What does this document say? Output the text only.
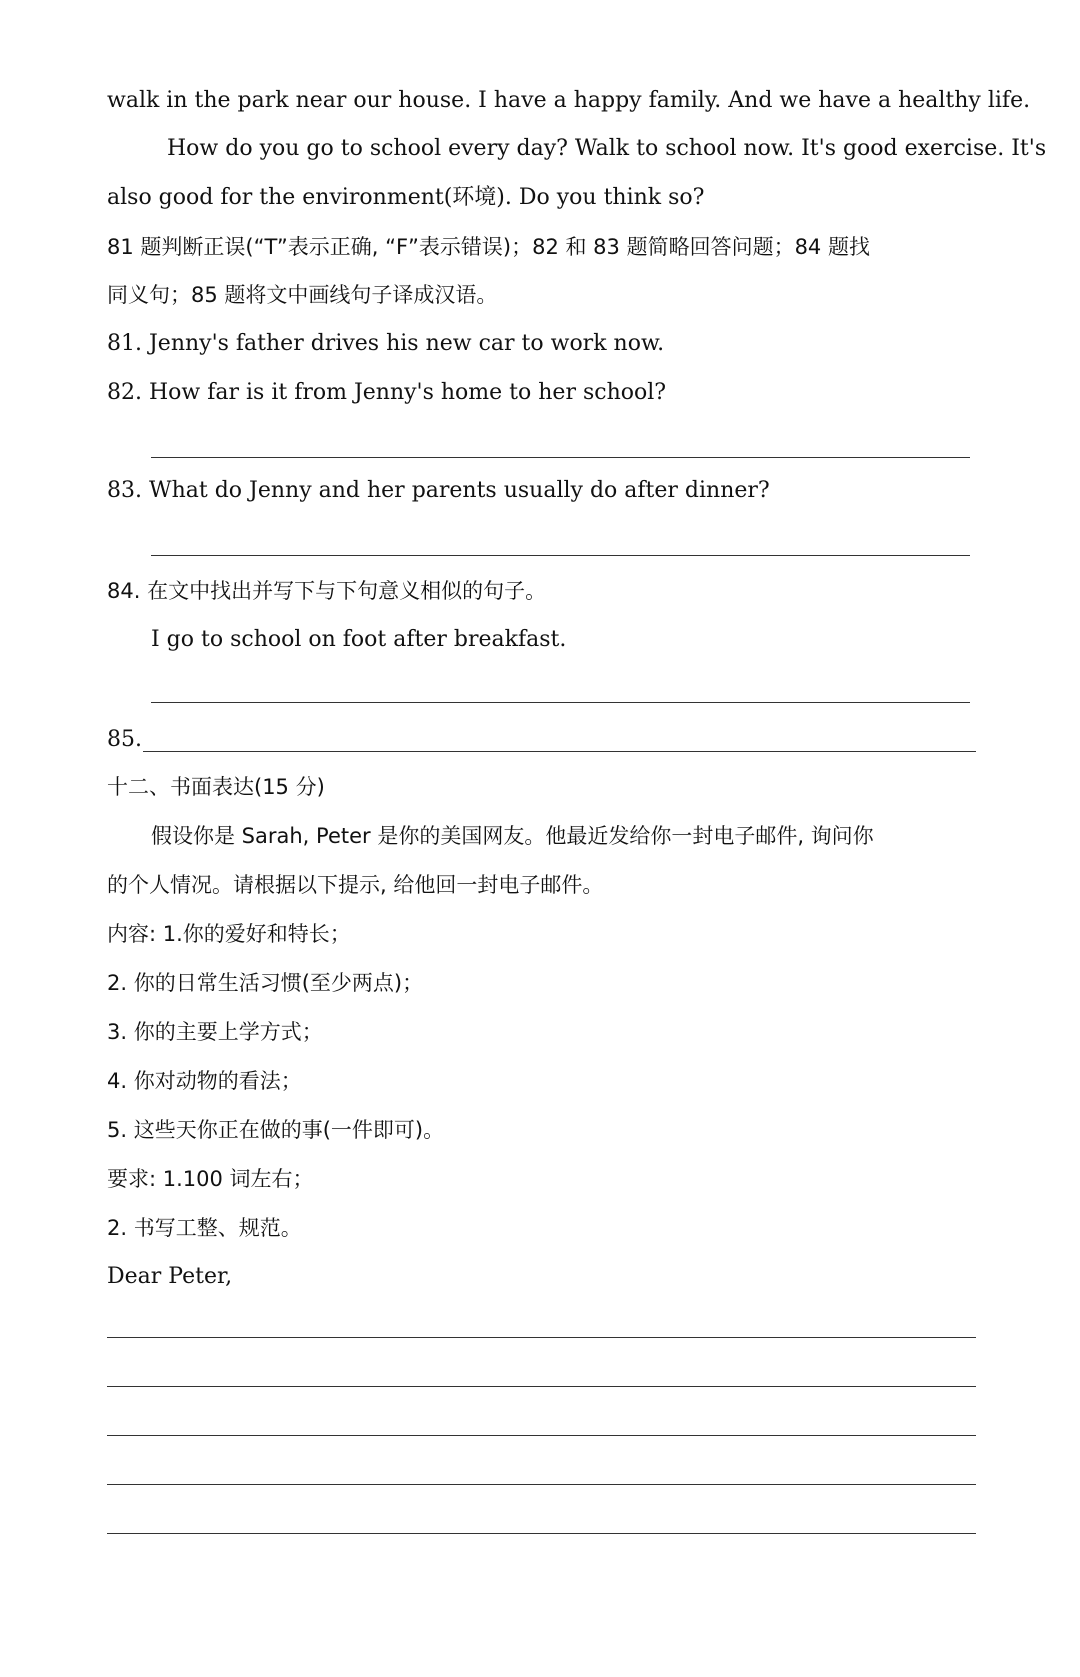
walk in the park near our house. I have a happy family. And we have a healthy life.
How do you go to school every day? Walk to school now. It's good exercise. It's
also good for the environment(环境). Do you think so?
81 题判断正误(“T”表示正确, “F”表示错误)；82 和 83 题简略回答问题；84 题找
同义句；85 题将文中画线句子译成汉语。
81. Jenny's father drives his new car to work now.
82. How far is it from Jenny's home to her school?
83. What do Jenny and her parents usually do after dinner?
84. 在文中找出并写下与下句意义相似的句子。
I go to school on foot after breakfast.
85.
十二、书面表达(15 分)
假设你是 Sarah, Peter 是你的美国网友。他最近发给你一封电子邮件, 询问你
的个人情况。请根据以下提示, 给他回一封电子邮件。
内容: 1.你的爱好和特长；
2. 你的日常生活习惯(至少两点)；
3. 你的主要上学方式；
4. 你对动物的看法；
5. 这些天你正在做的事(一件即可)。
要求: 1.100 词左右；
2. 书写工整、规范。
Dear Peter,
